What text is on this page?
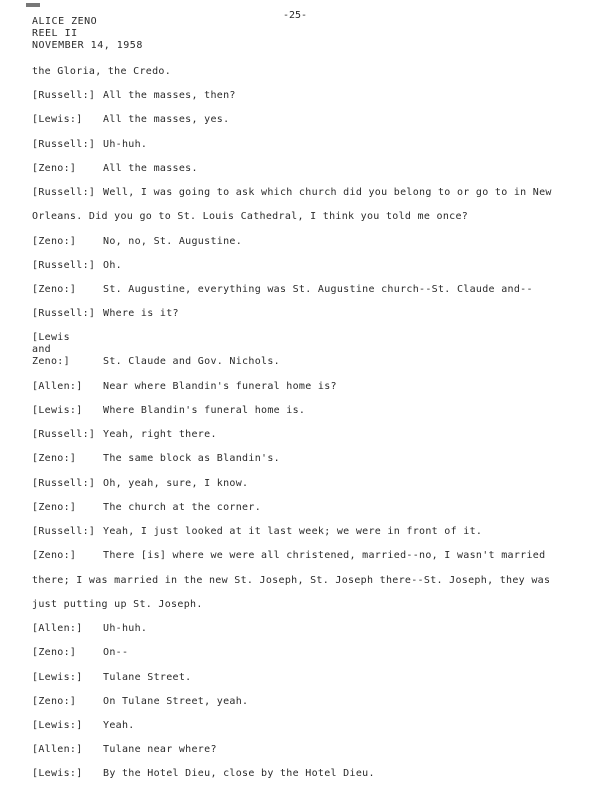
ALICE ZENO
REEL II
NOVEMBER 14, 1958
-25-
the Gloria, the Credo.
[Russell:] All the masses, then?
[Lewis:] All the masses, yes.
[Russell:] Uh-huh.
[Zeno:]	All the masses.
[Russell:] Well, I was going to ask which church did you belong to or go to in New
Orleans. Did you go to St. Louis Cathedral, I think you told me once?
[Zeno:]	No, no, St. Augustine.
[Russell:] Oh.
[Zeno:]	St. Augustine, everything was St. Augustine church--St. Claude and--
[Russell:] Where is it?
[Lewis and Zeno:]	St. Claude and Gov. Nichols.
[Allen:] Near where Blandin's funeral home is?
[Lewis:] Where Blandin's funeral home is.
[Russell:] Yeah, right there.
[Zeno:]	The same block as Blandin's.
[Russell:] Oh, yeah, sure, I know.
[Zeno:]	The church at the corner.
[Russell:] Yeah, I just looked at it last week; we were in front of it.
[Zeno:]	There [is] where we were all christened, married--no, I wasn't married
there; I was married in the new St. Joseph, St. Joseph there--St. Joseph, they was
just putting up St. Joseph.
[Allen:] Uh-huh.
[Zeno:]	On--
[Lewis:] Tulane Street.
[Zeno:]	On Tulane Street, yeah.
[Lewis:] Yeah.
[Allen:] Tulane near where?
[Lewis:] By the Hotel Dieu, close by the Hotel Dieu.
